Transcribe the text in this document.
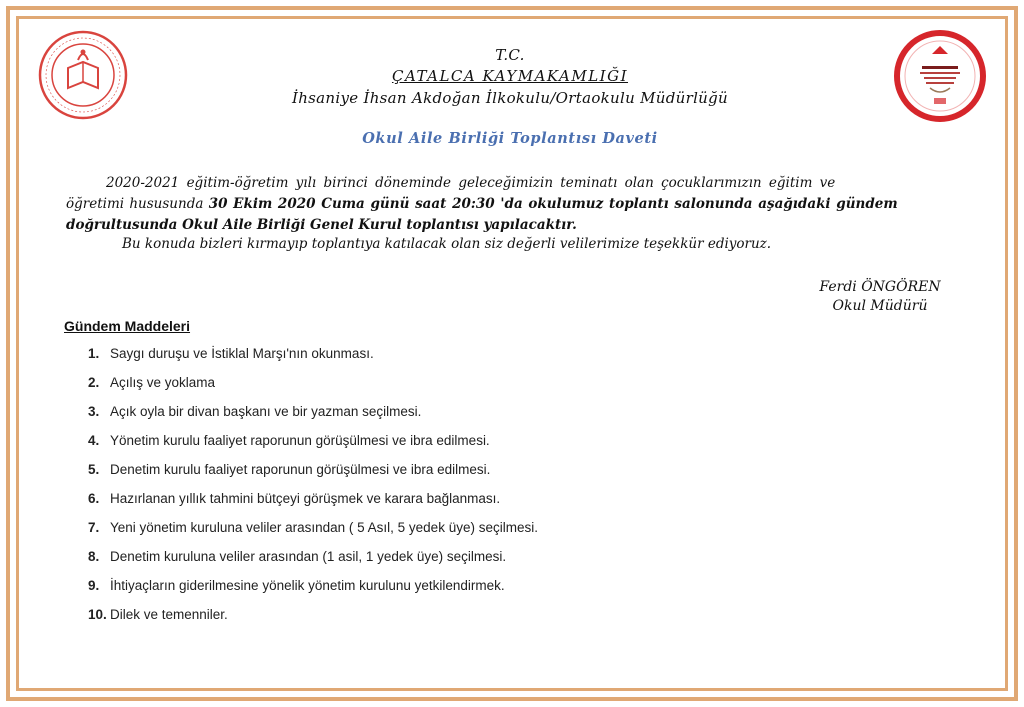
T.C.
ÇATALCA KAYMAKAMLIĞI
İhsaniye İhsan Akdoğan İlkokulu/Ortaokulu Müdürlüğü
Okul Aile Birliği Toplantısı Daveti
2020-2021 eğitim-öğretim yılı birinci döneminde geleceğimizin teminatı olan çocuklarımızın eğitim ve
öğretimi hususunda 30 Ekim 2020 Cuma günü saat 20:30 'da okulumuz toplantı salonunda aşağıdaki gündem
doğrultusunda Okul Aile Birliği Genel Kurul toplantısı yapılacaktır.
Bu konuda bizleri kırmayıp toplantıya katılacak olan siz değerli velilerimize teşekkür ediyoruz.
Ferdi ÖNGÖREN
Okul Müdürü
Gündem Maddeleri
1. Saygı duruşu ve İstiklal Marşı'nın okunması.
2. Açılış ve yoklama
3. Açık oyla bir divan başkanı ve bir yazman seçilmesi.
4. Yönetim kurulu faaliyet raporunun görüşülmesi ve ibra edilmesi.
5. Denetim kurulu faaliyet raporunun görüşülmesi ve ibra edilmesi.
6. Hazırlanan yıllık tahmini bütçeyi görüşmek ve karara bağlanması.
7. Yeni yönetim kuruluna veliler arasından ( 5 Asıl, 5 yedek üye) seçilmesi.
8. Denetim kuruluna veliler arasından (1 asil, 1 yedek üye) seçilmesi.
9. İhtiyaçların giderilmesine yönelik yönetim kurulunu yetkilendirmek.
10. Dilek ve temenniler.
